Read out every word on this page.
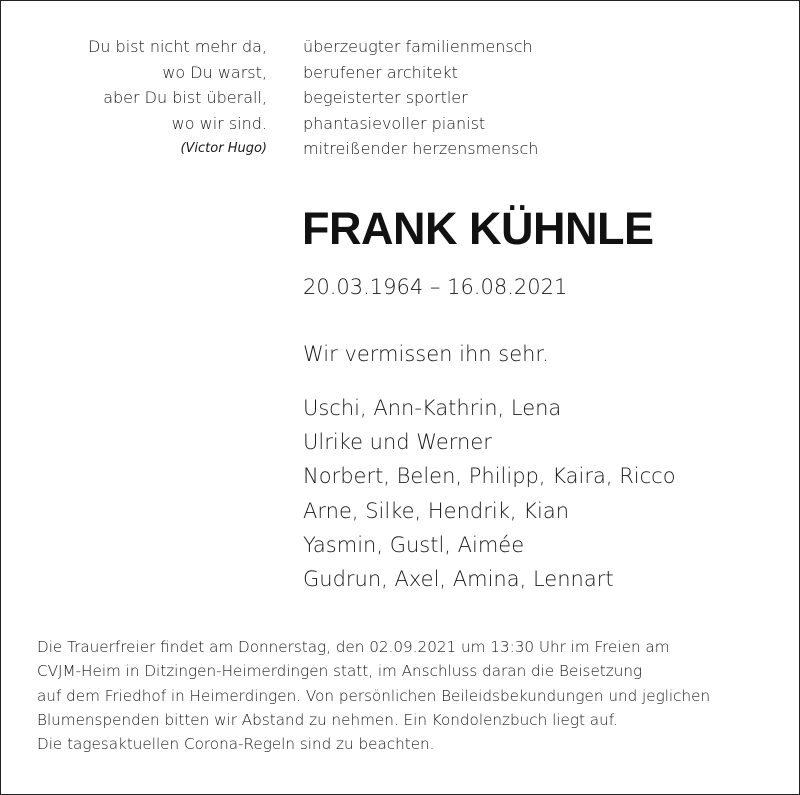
Du bist nicht mehr da,
wo Du warst,
aber Du bist überall,
wo wir sind.
(Victor Hugo)
überzeugter familienmensch
berufener architekt
begeisterter sportler
phantasievoller pianist
mitreißender herzensmensch
FRANK KÜHNLE
20.03.1964 – 16.08.2021
Wir vermissen ihn sehr.
Uschi, Ann-Kathrin, Lena
Ulrike und Werner
Norbert, Belen, Philipp, Kaira, Ricco
Arne, Silke, Hendrik, Kian
Yasmin, Gustl, Aimée
Gudrun, Axel, Amina, Lennart
Die Trauerfreier findet am Donnerstag, den 02.09.2021 um 13:30 Uhr im Freien am
CVJM-Heim in Ditzingen-Heimerdingen statt, im Anschluss daran die Beisetzung
auf dem Friedhof in Heimerdingen. Von persönlichen Beileidsbekundungen und jeglichen
Blumenspenden bitten wir Abstand zu nehmen. Ein Kondolenzbuch liegt auf.
Die tagesaktuellen Corona-Regeln sind zu beachten.
